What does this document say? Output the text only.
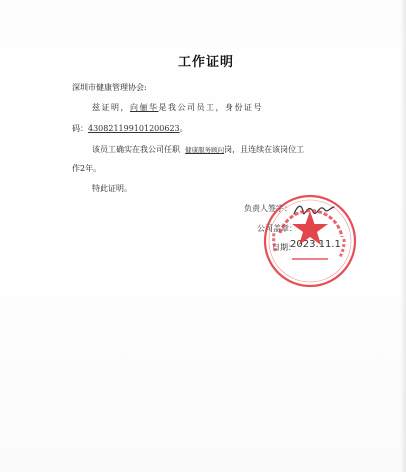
工作证明
深圳市健康管理协会:
兹证明，向俪华是我公司员工，身份证号
码：430821199101200623。
该员工确实在我公司任职 健康服务顾问岗，且连续在该岗位工
作2年。
特此证明。
负责人签字：
公司盖章：
日期：
2023.11.1
